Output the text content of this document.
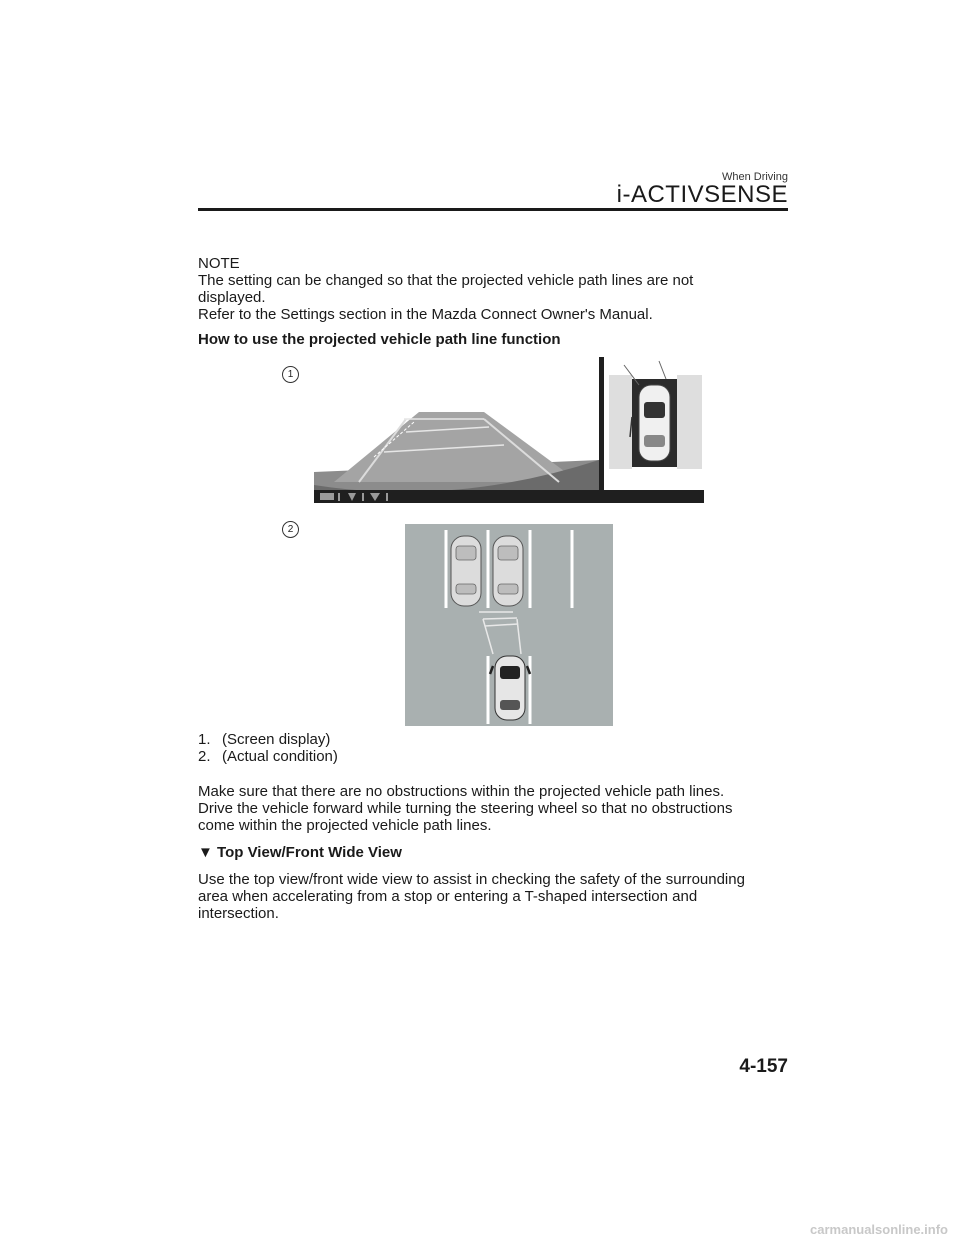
When Driving
i-ACTIVSENSE
NOTE
The setting can be changed so that the projected vehicle path lines are not
displayed.
Refer to the Settings section in the Mazda Connect Owner's Manual.
How to use the projected vehicle path line function
1
2
1. (Screen display)
2. (Actual condition)
Make sure that there are no obstructions within the projected vehicle path lines.
Drive the vehicle forward while turning the steering wheel so that no obstructions
come within the projected vehicle path lines.
▼ Top View/Front Wide View
Use the top view/front wide view to assist in checking the safety of the surrounding
area when accelerating from a stop or entering a T-shaped intersection and
intersection.
4-157
carmanualsonline.info
